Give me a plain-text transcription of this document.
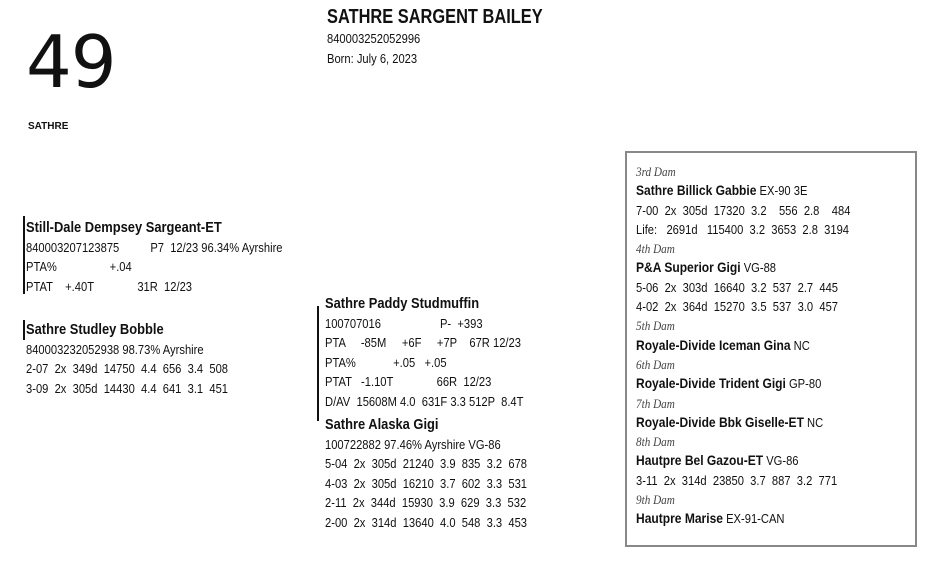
49
SATHRE
SATHRE SARGENT BAILEY
840003252052996
Born: July 6, 2023
Still-Dale Dempsey Sargeant-ET
840003207123875          P7  12/23 96.34% Ayrshire
PTA%                 +.04
PTAT    +.40T              31R  12/23
Sathre Studley Bobble
840003232052938 98.73% Ayrshire
2-07  2x  349d  14750  4.4  656  3.4  508
3-09  2x  305d  14430  4.4  641  3.1  451
Sathre Paddy Studmuffin
100707016                   P-  +393
PTA     -85M     +6F     +7P    67R 12/23
PTA%            +.05   +.05
PTAT   -1.10T              66R  12/23
D/AV  15608M 4.0  631F 3.3 512P  8.4T
Sathre Alaska Gigi
100722882 97.46% Ayrshire VG-86
5-04  2x  305d  21240  3.9  835  3.2  678
4-03  2x  305d  16210  3.7  602  3.3  531
2-11  2x  344d  15930  3.9  629  3.3  532
2-00  2x  314d  13640  4.0  548  3.3  453
3rd Dam
Sathre Billick Gabbie EX-90 3E
7-00  2x  305d  17320  3.2    556  2.8    484
Life:   2691d   115400  3.2  3653  2.8  3194
4th Dam
P&A Superior Gigi VG-88
5-06  2x  303d  16640  3.2  537  2.7  445
4-02  2x  364d  15270  3.5  537  3.0  457
5th Dam
Royale-Divide Iceman Gina NC
6th Dam
Royale-Divide Trident Gigi GP-80
7th Dam
Royale-Divide Bbk Giselle-ET NC
8th Dam
Hautpre Bel Gazou-ET VG-86
3-11  2x  314d  23850  3.7  887  3.2  771
9th Dam
Hautpre Marise EX-91-CAN
